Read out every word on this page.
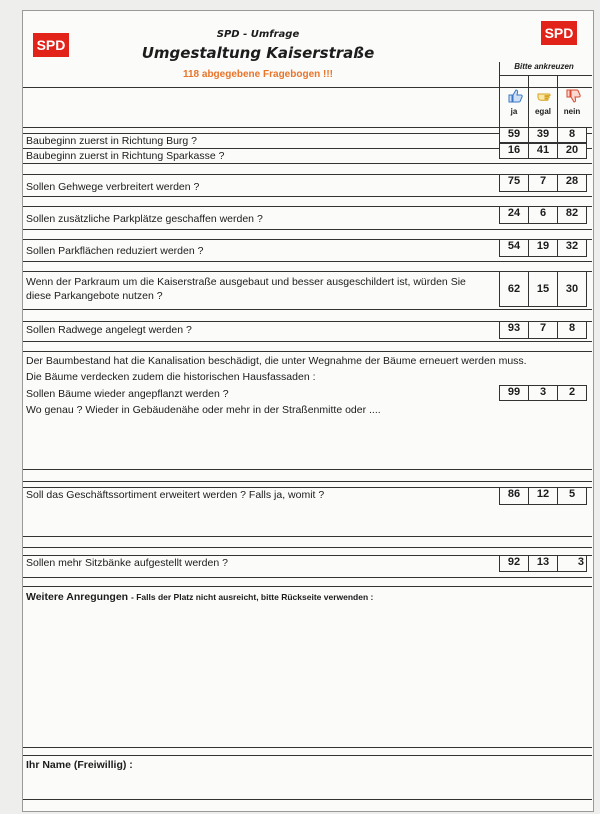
SPD
SPD
SPD - Umfrage
Umgestaltung Kaiserstraße
118 abgegebene Fragebogen !!!
Bitte ankreuzen
ja	egal	nein
Baubeginn zuerst in Richtung Burg ?
59	39	8
Baubeginn zuerst in Richtung Sparkasse ?	16	41	20
Sollen Gehwege verbreitert werden ?	75	7	28
Sollen zusätzliche Parkplätze geschaffen werden ?	24	6	82
Sollen Parkflächen reduziert werden ?	54	19	32
Wenn der Parkraum um die Kaiserstraße ausgebaut und besser ausgeschildert ist, würden Sie diese Parkangebote nutzen ?
62	15	30
Sollen Radwege angelegt werden ?	93	7	8
Der Baumbestand hat die Kanalisation beschädigt, die unter Wegnahme der Bäume erneuert werden muss.
Die Bäume verdecken zudem die historischen Hausfassaden :
Sollen Bäume wieder angepflanzt werden ?	99	3	2
Wo genau ? Wieder in Gebäudenähe oder mehr in der Straßenmitte oder ....
Soll das Geschäftssortiment erweitert werden ? Falls ja, womit ?	86	12	5
Sollen mehr Sitzbänke aufgestellt werden ?	92	13	3
Weitere Anregungen - Falls der Platz nicht ausreicht, bitte Rückseite verwenden :
Ihr Name (Freiwillig) :
